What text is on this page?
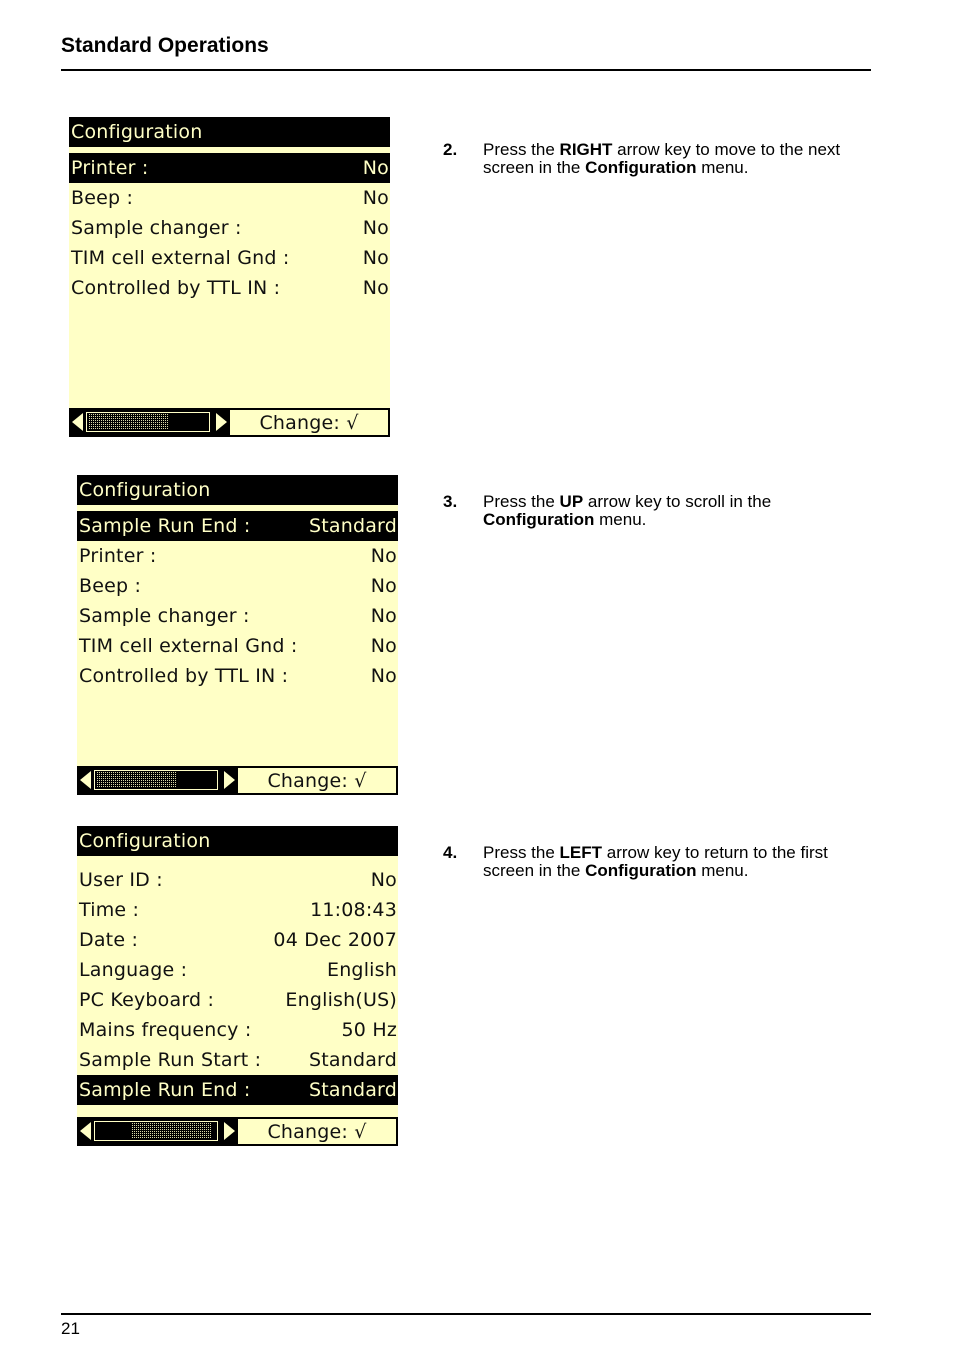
Standard Operations
Configuration
Printer :	No
Beep :	No
Sample changer :	No
TIM cell external Gnd :	No
Controlled by TTL IN :	No
Change: √
Configuration
Sample Run End :	Standard
Printer :	No
Beep :	No
Sample changer :	No
TIM cell external Gnd :	No
Controlled by TTL IN :	No
Change: √
Configuration
User ID :	No
Time :	11:08:43
Date :	04 Dec 2007
Language :	English
PC Keyboard :	English(US)
Mains frequency :	50 Hz
Sample Run Start :	Standard
Sample Run End :	Standard
Change: √
2. Press the RIGHT arrow key to move to the next screen in the Configuration menu.
3. Press the UP arrow key to scroll in the Configuration menu.
4. Press the LEFT arrow key to return to the first screen in the Configuration menu.
21
